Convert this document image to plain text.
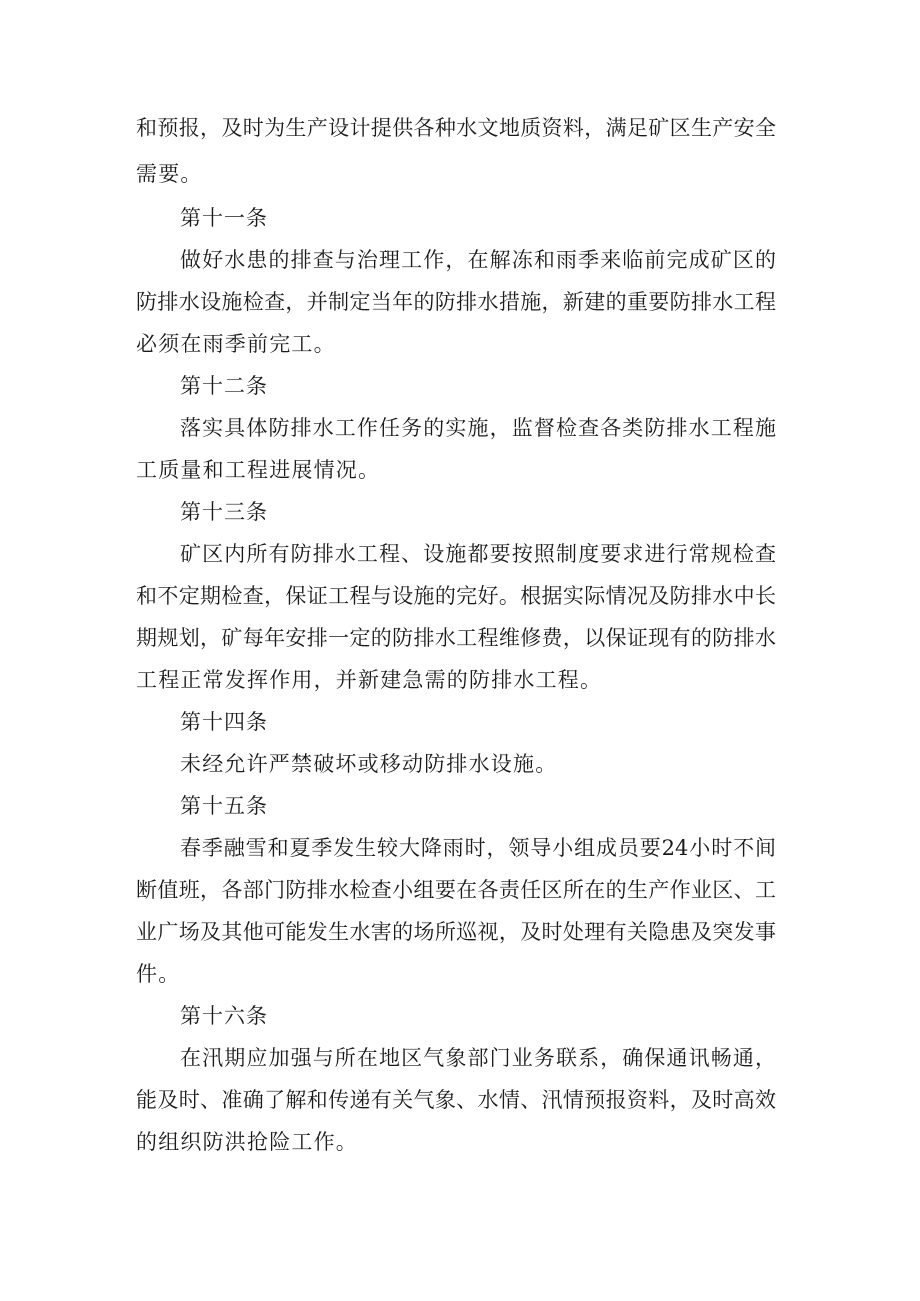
和预报，及时为生产设计提供各种水文地质资料，满足矿区生产安全
需要。
第十一条
做好水患的排查与治理工作，在解冻和雨季来临前完成矿区的
防排水设施检查，并制定当年的防排水措施，新建的重要防排水工程
必须在雨季前完工。
第十二条
落实具体防排水工作任务的实施，监督检查各类防排水工程施
工质量和工程进展情况。
第十三条
矿区内所有防排水工程、设施都要按照制度要求进行常规检查
和不定期检查，保证工程与设施的完好。根据实际情况及防排水中长
期规划，矿每年安排一定的防排水工程维修费，以保证现有的防排水
工程正常发挥作用，并新建急需的防排水工程。
第十四条
未经允许严禁破坏或移动防排水设施。
第十五条
春季融雪和夏季发生较大降雨时，领导小组成员要24小时不间
断值班，各部门防排水检查小组要在各责任区所在的生产作业区、工
业广场及其他可能发生水害的场所巡视，及时处理有关隐患及突发事
件。
第十六条
在汛期应加强与所在地区气象部门业务联系，确保通讯畅通，
能及时、准确了解和传递有关气象、水情、汛情预报资料，及时高效
的组织防洪抢险工作。
